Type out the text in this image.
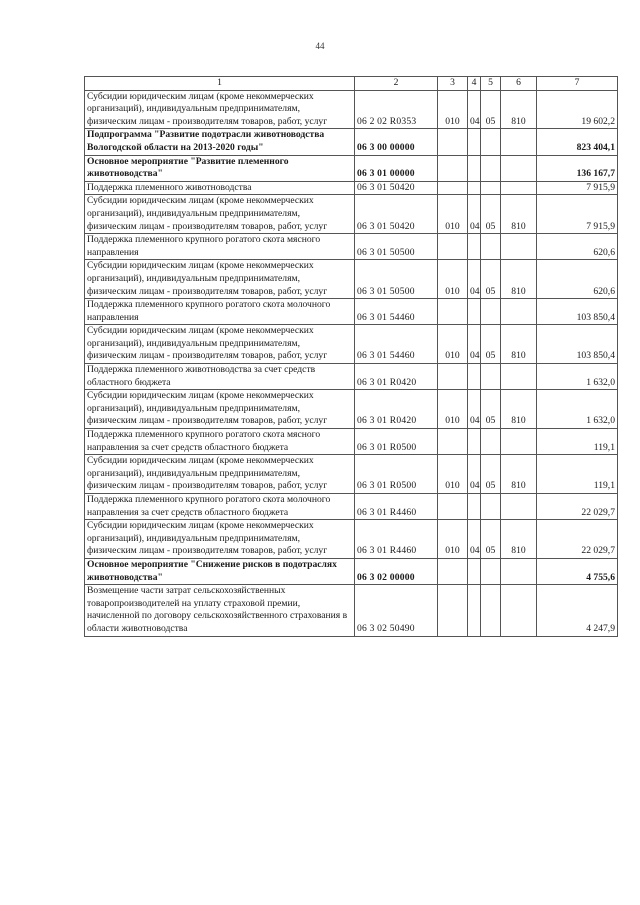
44
1	2	3	4	5	6	7
Субсидии юридическим лицам (кроме некоммерческих организаций), индивидуальным предпринимателям, физическим лицам - производителям товаров, работ, услуг	06 2 02 R0353	010	04	05	810	19 602,2
Подпрограмма "Развитие подотрасли животноводства Вологодской области на 2013-2020 годы"	06 3 00 00000					823 404,1
Основное мероприятие "Развитие племенного животноводства"	06 3 01 00000					136 167,7
Поддержка племенного животноводства	06 3 01 50420					7 915,9
Субсидии юридическим лицам (кроме некоммерческих организаций), индивидуальным предпринимателям, физическим лицам - производителям товаров, работ, услуг	06 3 01 50420	010	04	05	810	7 915,9
Поддержка племенного крупного рогатого скота мясного направления	06 3 01 50500					620,6
Субсидии юридическим лицам (кроме некоммерческих организаций), индивидуальным предпринимателям, физическим лицам - производителям товаров, работ, услуг	06 3 01 50500	010	04	05	810	620,6
Поддержка племенного крупного рогатого скота молочного направления	06 3 01 54460					103 850,4
Субсидии юридическим лицам (кроме некоммерческих организаций), индивидуальным предпринимателям, физическим лицам - производителям товаров, работ, услуг	06 3 01 54460	010	04	05	810	103 850,4
Поддержка племенного животноводства за счет средств областного бюджета	06 3 01 R0420					1 632,0
Субсидии юридическим лицам (кроме некоммерческих организаций), индивидуальным предпринимателям, физическим лицам - производителям товаров, работ, услуг	06 3 01 R0420	010	04	05	810	1 632,0
Поддержка племенного крупного рогатого скота мясного направления за счет средств областного бюджета	06 3 01 R0500					119,1
Субсидии юридическим лицам (кроме некоммерческих организаций), индивидуальным предпринимателям, физическим лицам - производителям товаров, работ, услуг	06 3 01 R0500	010	04	05	810	119,1
Поддержка племенного крупного рогатого скота молочного направления за счет средств областного бюджета	06 3 01 R4460					22 029,7
Субсидии юридическим лицам (кроме некоммерческих организаций), индивидуальным предпринимателям, физическим лицам - производителям товаров, работ, услуг	06 3 01 R4460	010	04	05	810	22 029,7
Основное мероприятие "Снижение рисков в подотраслях животноводства"	06 3 02 00000					4 755,6
Возмещение части затрат сельскохозяйственных товаропроизводителей на уплату страховой премии, начисленной по договору сельскохозяйственного страхования в области животноводства	06 3 02 50490					4 247,9
